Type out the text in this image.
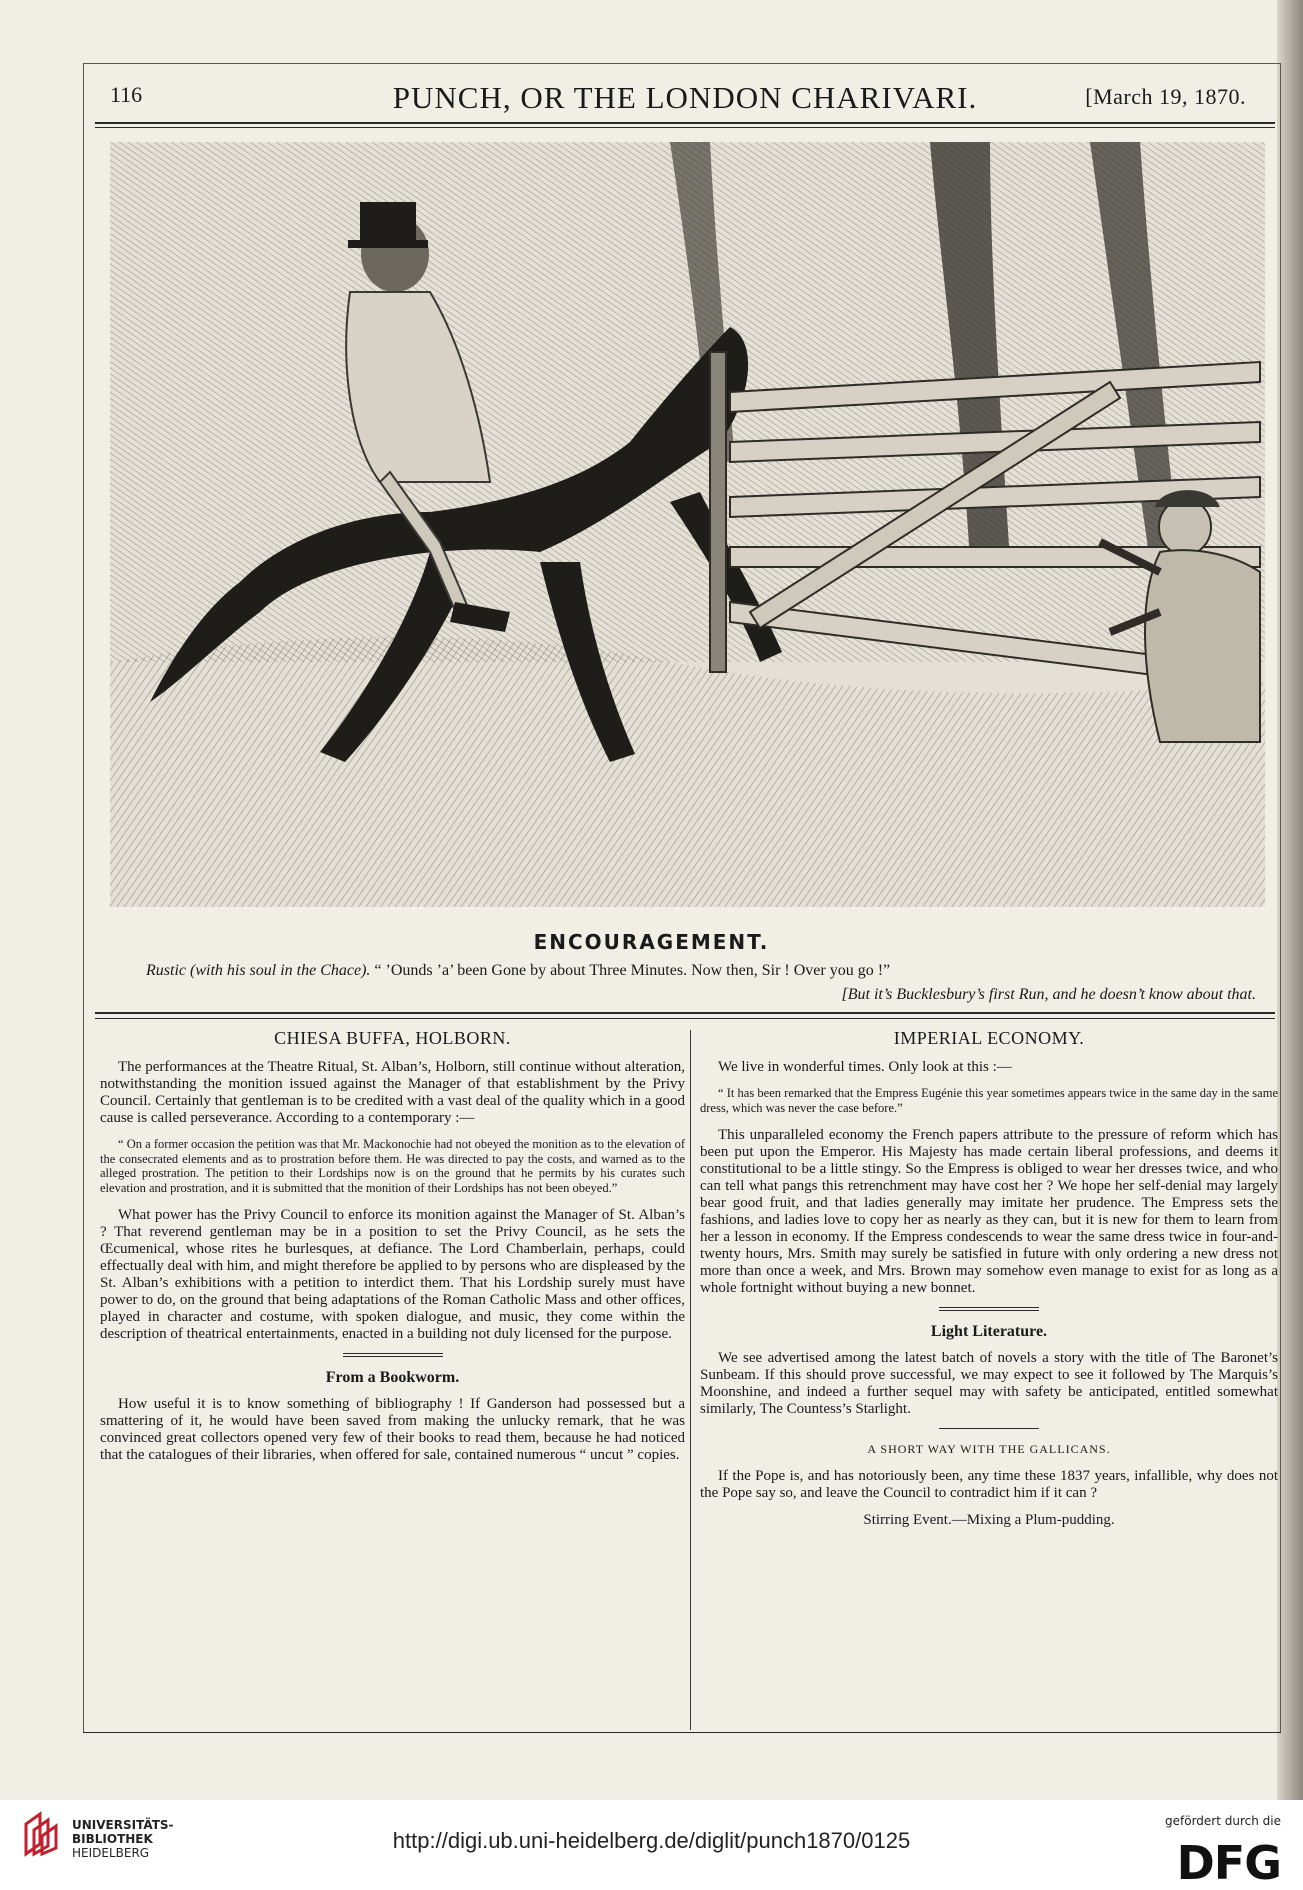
116	PUNCH, OR THE LONDON CHARIVARI.	[March 19, 1870.
ENCOURAGEMENT.
Rustic (with his soul in the Chace). “ ’Ounds ’a’ been Gone by about Three Minutes. Now then, Sir ! Over you go !”
[But it’s Bucklesbury’s first Run, and he doesn’t know about that.
CHIESA BUFFA, HOLBORN.

The performances at the Theatre Ritual, St. Alban’s, Holborn, still continue without alteration, notwithstanding the monition issued against the Manager of that establishment by the Privy Council. Certainly that gentleman is to be credited with a vast deal of the quality which in a good cause is called perseverance. According to a contemporary :—

“ On a former occasion the petition was that Mr. Mackonochie had not obeyed the monition as to the elevation of the consecrated elements and as to prostration before them. He was directed to pay the costs, and warned as to the alleged prostration. The petition to their Lordships now is on the ground that he permits by his curates such elevation and prostration, and it is submitted that the monition of their Lordships has not been obeyed.”

What power has the Privy Council to enforce its monition against the Manager of St. Alban’s ? That reverend gentleman may be in a position to set the Privy Council, as he sets the Œcumenical, whose rites he burlesques, at defiance. The Lord Chamberlain, perhaps, could effectually deal with him, and might therefore be applied to by persons who are displeased by the St. Alban’s exhibitions with a petition to interdict them. That his Lordship surely must have power to do, on the ground that being adaptations of the Roman Catholic Mass and other offices, played in character and costume, with spoken dialogue, and music, they come within the description of theatrical entertainments, enacted in a building not duly licensed for the purpose.

From a Bookworm.

How useful it is to know something of bibliography ! If Ganderson had possessed but a smattering of it, he would have been saved from making the unlucky remark, that he was convinced great collectors opened very few of their books to read them, because he had noticed that the catalogues of their libraries, when offered for sale, contained numerous “ uncut ” copies.

IMPERIAL ECONOMY.

We live in wonderful times. Only look at this :—

“ It has been remarked that the Empress Eugénie this year sometimes appears twice in the same day in the same dress, which was never the case before.”

This unparalleled economy the French papers attribute to the pressure of reform which has been put upon the Emperor. His Majesty has made certain liberal professions, and deems it constitutional to be a little stingy. So the Empress is obliged to wear her dresses twice, and who can tell what pangs this retrenchment may have cost her ? We hope her self-denial may largely bear good fruit, and that ladies generally may imitate her prudence. The Empress sets the fashions, and ladies love to copy her as nearly as they can, but it is new for them to learn from her a lesson in economy. If the Empress condescends to wear the same dress twice in four-and-twenty hours, Mrs. Smith may surely be satisfied in future with only ordering a new dress not more than once a week, and Mrs. Brown may somehow even manage to exist for as long as a whole fortnight without buying a new bonnet.

Light Literature.

We see advertised among the latest batch of novels a story with the title of The Baronet’s Sunbeam. If this should prove successful, we may expect to see it followed by The Marquis’s Moonshine, and indeed a further sequel may with safety be anticipated, entitled somewhat similarly, The Countess’s Starlight.

A SHORT WAY WITH THE GALLICANS.

If the Pope is, and has notoriously been, any time these 1837 years, infallible, why does not the Pope say so, and leave the Council to contradict him if it can ?

Stirring Event.—Mixing a Plum-pudding.

UNIVERSITÄTS-
BIBLIOTHEK
HEIDELBERG	http://digi.ub.uni-heidelberg.de/diglit/punch1870/0125
gefördert durch die
DFG
